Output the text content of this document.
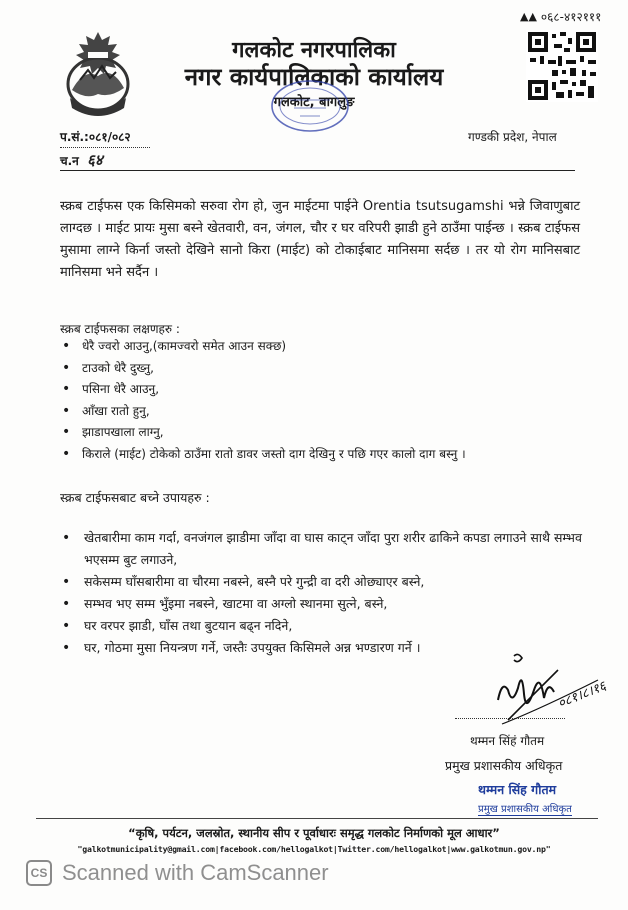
▲▲ ०६८-४१२१११
गलकोट नगरपालिका
नगर कार्यपालिकाको कार्यालय
गलकोट, बागलुङ
प.सं.:०८१/०८२
च.न ६४
गण्डकी प्रदेश, नेपाल

स्क्रब टाईफस एक किसिमको सरुवा रोग हो, जुन माईटमा पाईने Orentia tsutsugamshi भन्ने जिवाणुबाट लाग्दछ । माईट प्रायः मुसा बस्ने खेतवारी, वन, जंगल, चौर र घर वरिपरी झाडी हुने ठाउँमा पाईन्छ । स्क्रब टाईफस मुसामा लाग्ने किर्ना जस्तो देखिने सानो किरा (माईट) को टोकाईबाट मानिसमा सर्दछ । तर यो रोग मानिसबाट मानिसमा भने सर्दैन ।

स्क्रब टाईफसका लक्षणहरु :
• धेरै ज्वरो आउनु,(कामज्वरो समेत आउन सक्छ)
• टाउको धेरै दुख्नु,
• पसिना धेरै आउनु,
• आँखा रातो हुनु,
• झाडापखाला लाग्नु,
• किराले (माईट) टोकेको ठाउँमा रातो डावर जस्तो दाग देखिनु र पछि गएर कालो दाग बस्नु ।
स्क्रब टाईफसबाट बच्ने उपायहरु :
• खेतबारीमा काम गर्दा, वनजंगल झाडीमा जाँदा वा घास काट्न जाँदा पुरा शरीर ढाकिने कपडा लगाउने साथै सम्भव भएसम्म बुट लगाउने,
• सकेसम्म घाँसबारीमा वा चौरमा नबस्ने, बस्नै परे गुन्द्री वा दरी ओछ्याएर बस्ने,
• सम्भव भए सम्म भुँइमा नबस्ने, खाटमा वा अग्लो स्थानमा सुत्ने, बस्ने,
• घर वरपर झाडी, घाँस तथा बुटयान बढ्न नदिने,
• घर, गोठमा मुसा नियन्त्रण गर्ने, जस्तैः उपयुक्त किसिमले अन्न भण्डारण गर्ने ।
०८१।८।१६
थम्मन सिंहं गौतम
प्रमुख प्रशासकीय अधिकृत
थम्मन सिंह गौतम
प्रमुख प्रशासकीय अधिकृत
“कृषि, पर्यटन, जलस्रोत, स्थानीय सीप र पूर्वाधारः समृद्ध गलकोट निर्माणको मूल आधार”
"galkotmunicipality@gmail.com|facebook.com/hellogalkot|Twitter.com/hellogalkot|www.galkotmun.gov.np"
CS Scanned with CamScanner
